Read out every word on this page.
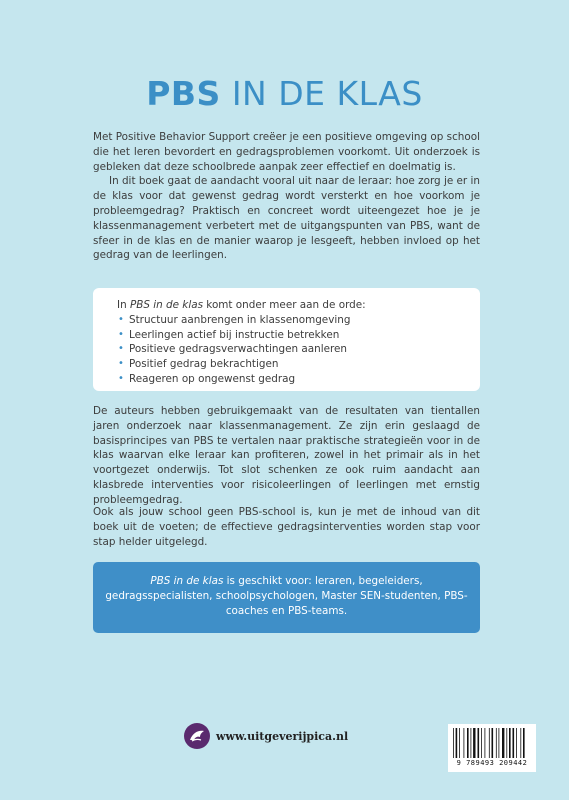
PBS IN DE KLAS

Met Positive Behavior Support creëer je een positieve omgeving op school die het leren bevordert en gedragsproblemen voorkomt. Uit onderzoek is gebleken dat deze schoolbrede aanpak zeer effectief en doelmatig is.

In dit boek gaat de aandacht vooral uit naar de leraar: hoe zorg je er in de klas voor dat gewenst gedrag wordt versterkt en hoe voorkom je probleemgedrag? Praktisch en concreet wordt uiteengezet hoe je je klassenmanagement verbetert met de uitgangspunten van PBS, want de sfeer in de klas en de manier waarop je lesgeeft, hebben invloed op het gedrag van de leerlingen.

In PBS in de klas komt onder meer aan de orde:
• Structuur aanbrengen in klassenomgeving
• Leerlingen actief bij instructie betrekken
• Positieve gedragsverwachtingen aanleren
• Positief gedrag bekrachtigen
• Reageren op ongewenst gedrag

De auteurs hebben gebruikgemaakt van de resultaten van tientallen jaren onderzoek naar klassenmanagement. Ze zijn erin geslaagd de basisprincipes van PBS te vertalen naar praktische strategieën voor in de klas waarvan elke leraar kan profiteren, zowel in het primair als in het voortgezet onderwijs. Tot slot schenken ze ook ruim aandacht aan klasbrede interventies voor risicoleerlingen of leerlingen met ernstig probleemgedrag.

Ook als jouw school geen PBS-school is, kun je met de inhoud van dit boek uit de voeten; de effectieve gedragsinterventies worden stap voor stap helder uitgelegd.

PBS in de klas is geschikt voor: leraren, begeleiders, gedragsspecialisten, schoolpsychologen, Master SEN-studenten, PBS-coaches en PBS-teams.
www.uitgeverijpica.nl
9 789493 209442
